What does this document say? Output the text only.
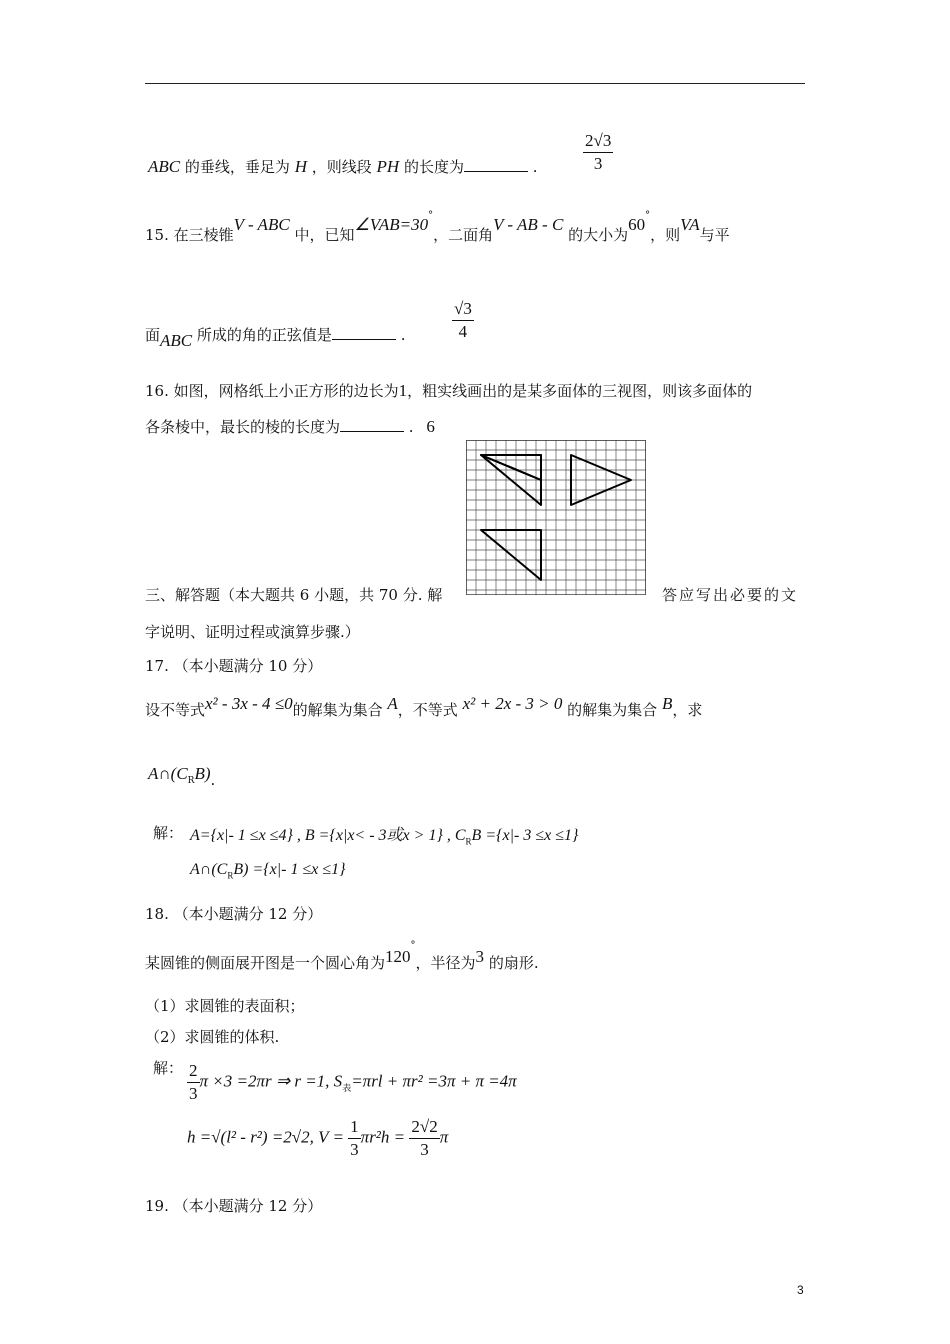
ABC 的垂线，垂足为 H ，则线段 PH 的长度为	.	$\frac{2√3}{3}$
15. 在三棱锥V - ABC 中，已知∠VAB=30°，二面角V - AB - C 的大小为60°，则VA与平
面ABC 所成的角的正弦值是	.	$\frac{√3}{4}$
16. 如图，网格纸上小正方形的边长为1，粗实线画出的是某多面体的三视图，则该多面体的
各条棱中，最长的棱的长度为	. 6
三、解答题（本大题共 6 小题，共 70 分. 解	答应写出必要的文
字说明、证明过程或演算步骤.）
17. （本小题满分 10 分）
设不等式x² - 3x - 4 ≤0的解集为集合 A，不等式 x² + 2x - 3 > 0 的解集为集合 B，求
$A\cap(C_RB)$.
解： A={x|- 1 ≤x ≤4} , B ={x|x< - 3或x > 1} , $C_RB =\{x|-$ 3 ≤x ≤1}
$A\cap(C_RB) =\{x|-$ 1 ≤x ≤1}
18. （本小题满分 12 分）
某圆锥的侧面展开图是一个圆心角为120°，半径为3 的扇形.
（1）求圆锥的表面积；
（2）求圆锥的体积.
解： $\frac{2}{3}$ π ×3 =2πr ⇒ r =1, $S_表=\pi rl + \pi r^2 =3\pi + \pi =4\pi$
h =√(l² - r²) =2√2, $V = \frac{1}{3} \pi r^2h = \frac{2√2}{3}$ π
19. （本小题满分 12 分）
3
